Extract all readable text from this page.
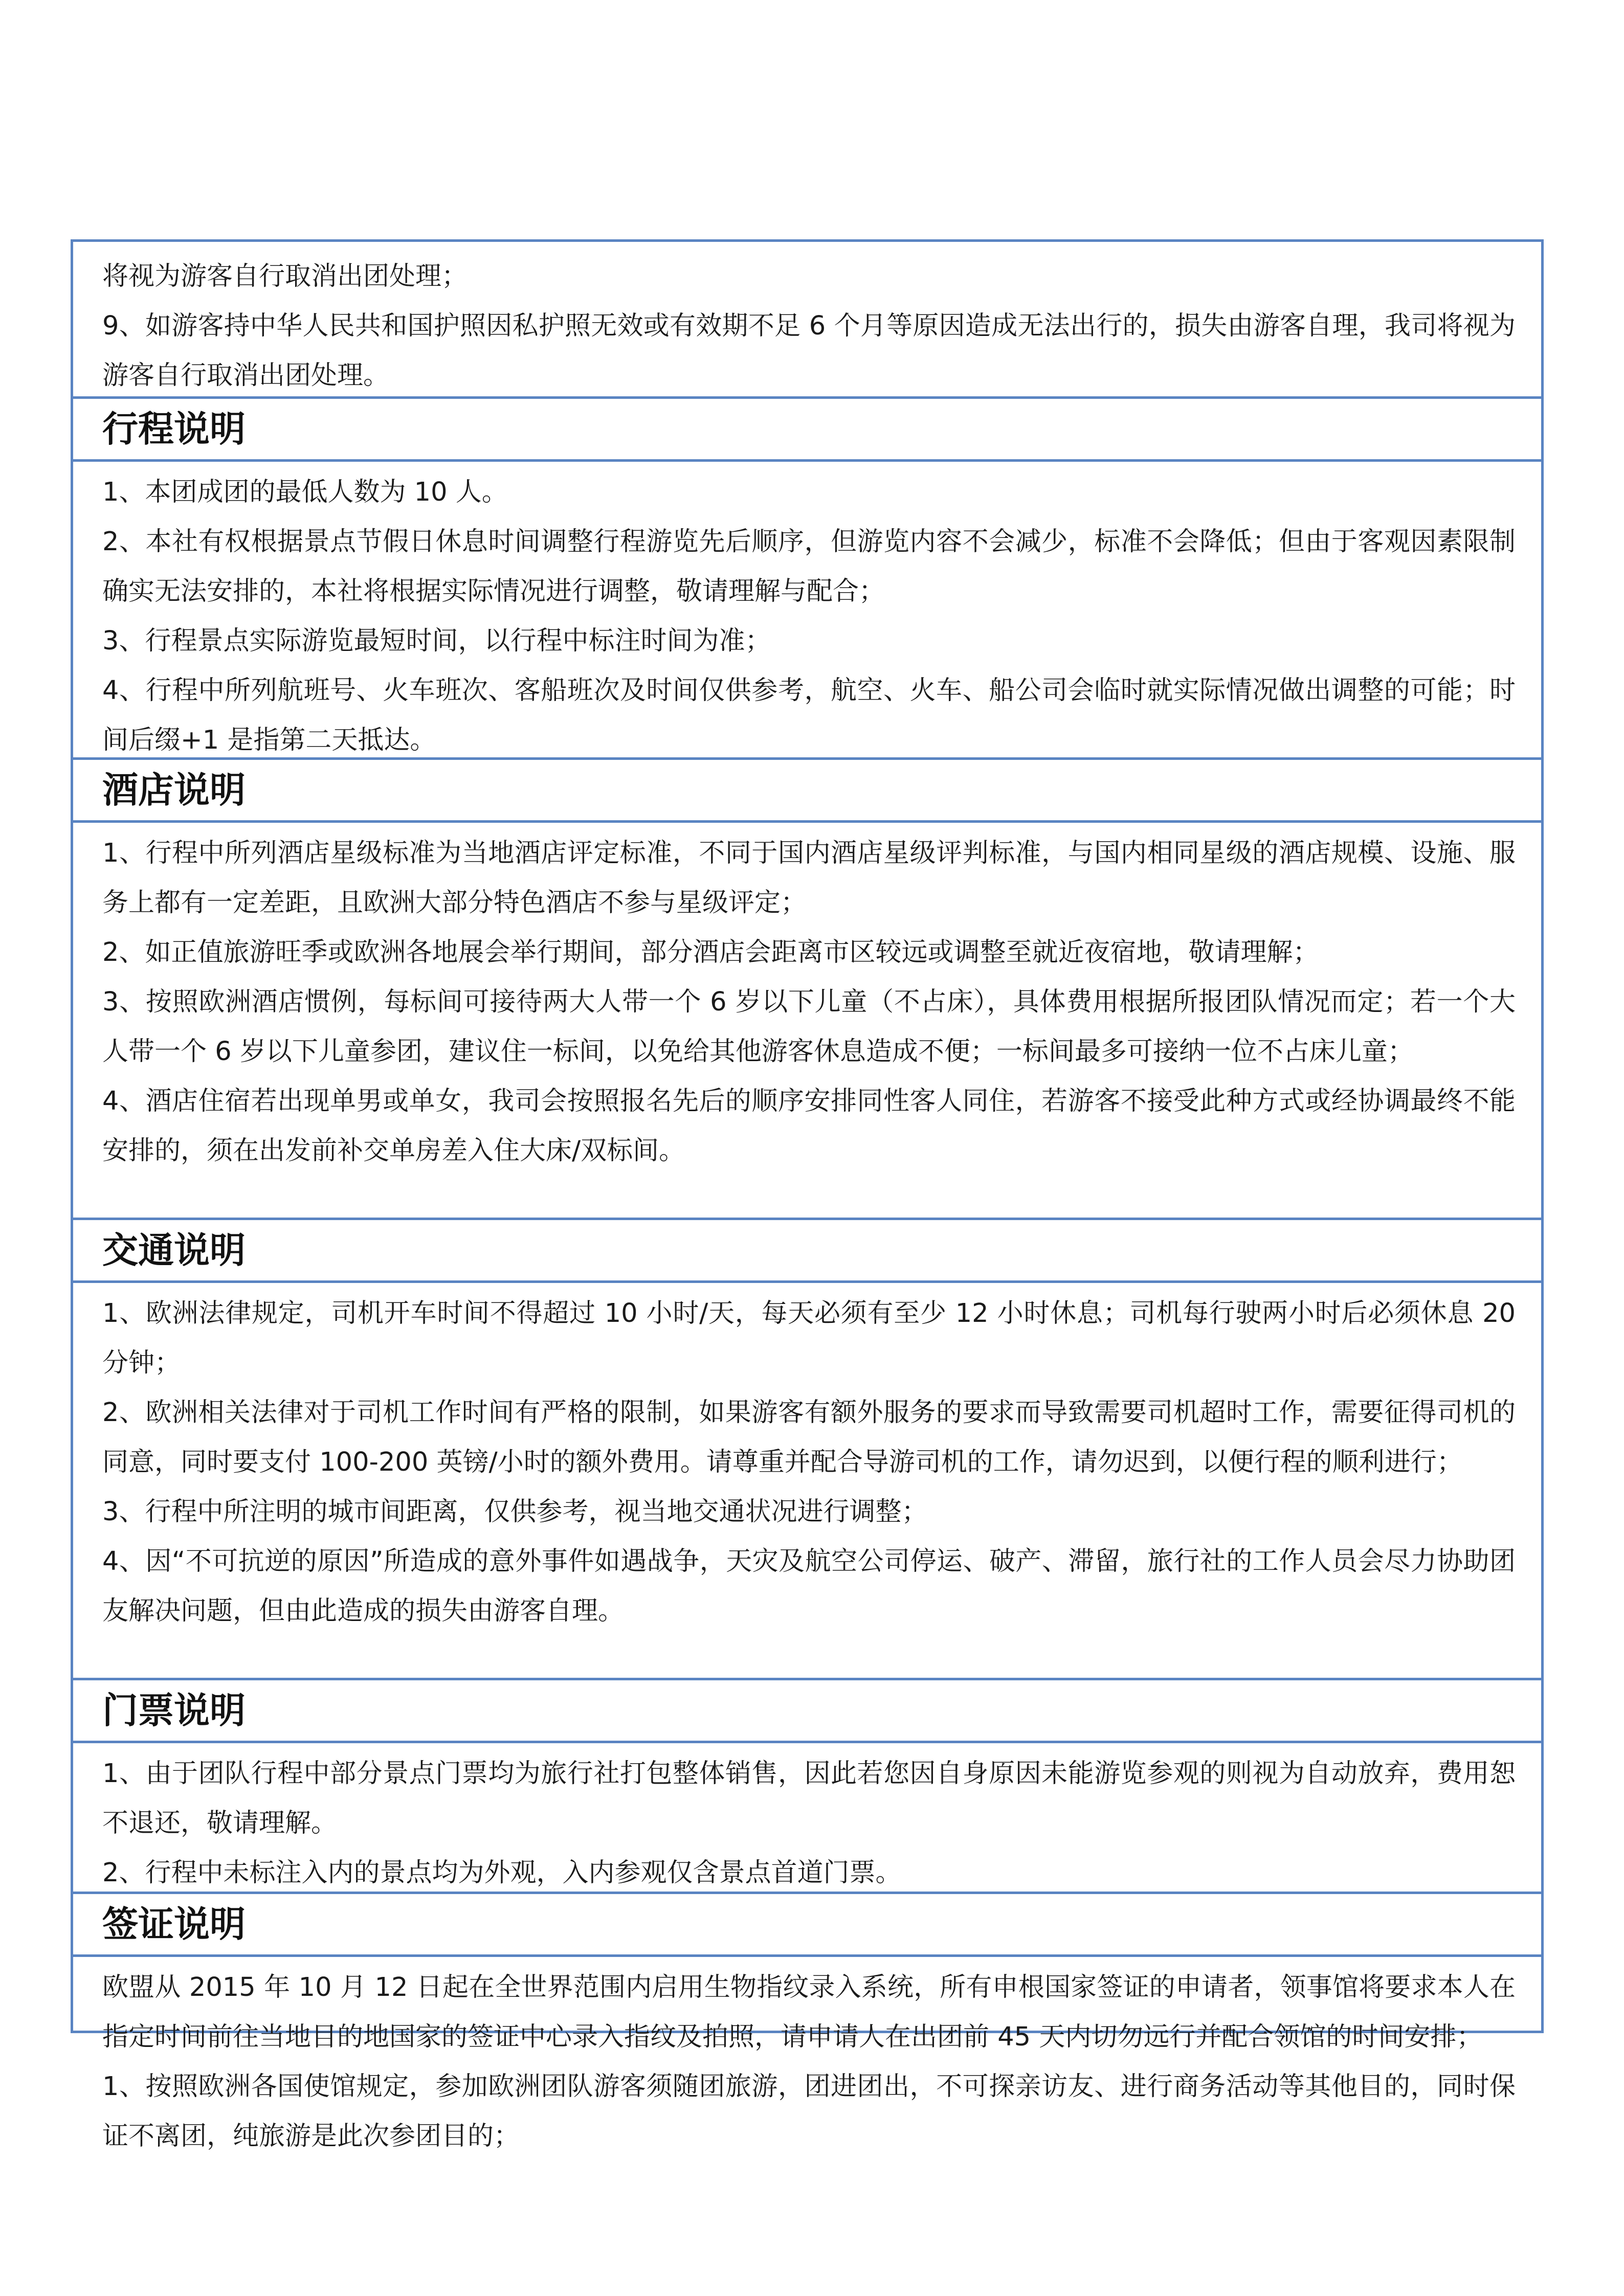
将视为游客自行取消出团处理；

9、如游客持中华人民共和国护照因私护照无效或有效期不足 6 个月等原因造成无法出行的，损失由游客自理，我司将视为游客自行取消出团处理。

行程说明

1、本团成团的最低人数为 10 人。

2、本社有权根据景点节假日休息时间调整行程游览先后顺序，但游览内容不会减少，标准不会降低；但由于客观因素限制确实无法安排的，本社将根据实际情况进行调整，敬请理解与配合；

3、行程景点实际游览最短时间，以行程中标注时间为准；

4、行程中所列航班号、火车班次、客船班次及时间仅供参考，航空、火车、船公司会临时就实际情况做出调整的可能；时间后缀+1 是指第二天抵达。

酒店说明

1、行程中所列酒店星级标准为当地酒店评定标准，不同于国内酒店星级评判标准，与国内相同星级的酒店规模、设施、服务上都有一定差距，且欧洲大部分特色酒店不参与星级评定；

2、如正值旅游旺季或欧洲各地展会举行期间，部分酒店会距离市区较远或调整至就近夜宿地，敬请理解；

3、按照欧洲酒店惯例，每标间可接待两大人带一个 6 岁以下儿童（不占床），具体费用根据所报团队情况而定；若一个大人带一个 6 岁以下儿童参团，建议住一标间，以免给其他游客休息造成不便；一标间最多可接纳一位不占床儿童；

4、酒店住宿若出现单男或单女，我司会按照报名先后的顺序安排同性客人同住，若游客不接受此种方式或经协调最终不能安排的，须在出发前补交单房差入住大床/双标间。

交通说明

1、欧洲法律规定，司机开车时间不得超过 10 小时/天，每天必须有至少 12 小时休息；司机每行驶两小时后必须休息 20 分钟；

2、欧洲相关法律对于司机工作时间有严格的限制，如果游客有额外服务的要求而导致需要司机超时工作，需要征得司机的同意，同时要支付 100-200 英镑/小时的额外费用。请尊重并配合导游司机的工作，请勿迟到，以便行程的顺利进行；

3、行程中所注明的城市间距离，仅供参考，视当地交通状况进行调整；

4、因“不可抗逆的原因”所造成的意外事件如遇战争，天灾及航空公司停运、破产、滞留，旅行社的工作人员会尽力协助团友解决问题，但由此造成的损失由游客自理。

门票说明

1、由于团队行程中部分景点门票均为旅行社打包整体销售，因此若您因自身原因未能游览参观的则视为自动放弃，费用恕不退还，敬请理解。

2、行程中未标注入内的景点均为外观，入内参观仅含景点首道门票。

签证说明

欧盟从 2015 年 10 月 12 日起在全世界范围内启用生物指纹录入系统，所有申根国家签证的申请者，领事馆将要求本人在指定时间前往当地目的地国家的签证中心录入指纹及拍照，请申请人在出团前 45 天内切勿远行并配合领馆的时间安排；

1、按照欧洲各国使馆规定，参加欧洲团队游客须随团旅游，团进团出，不可探亲访友、进行商务活动等其他目的，同时保证不离团，纯旅游是此次参团目的；
